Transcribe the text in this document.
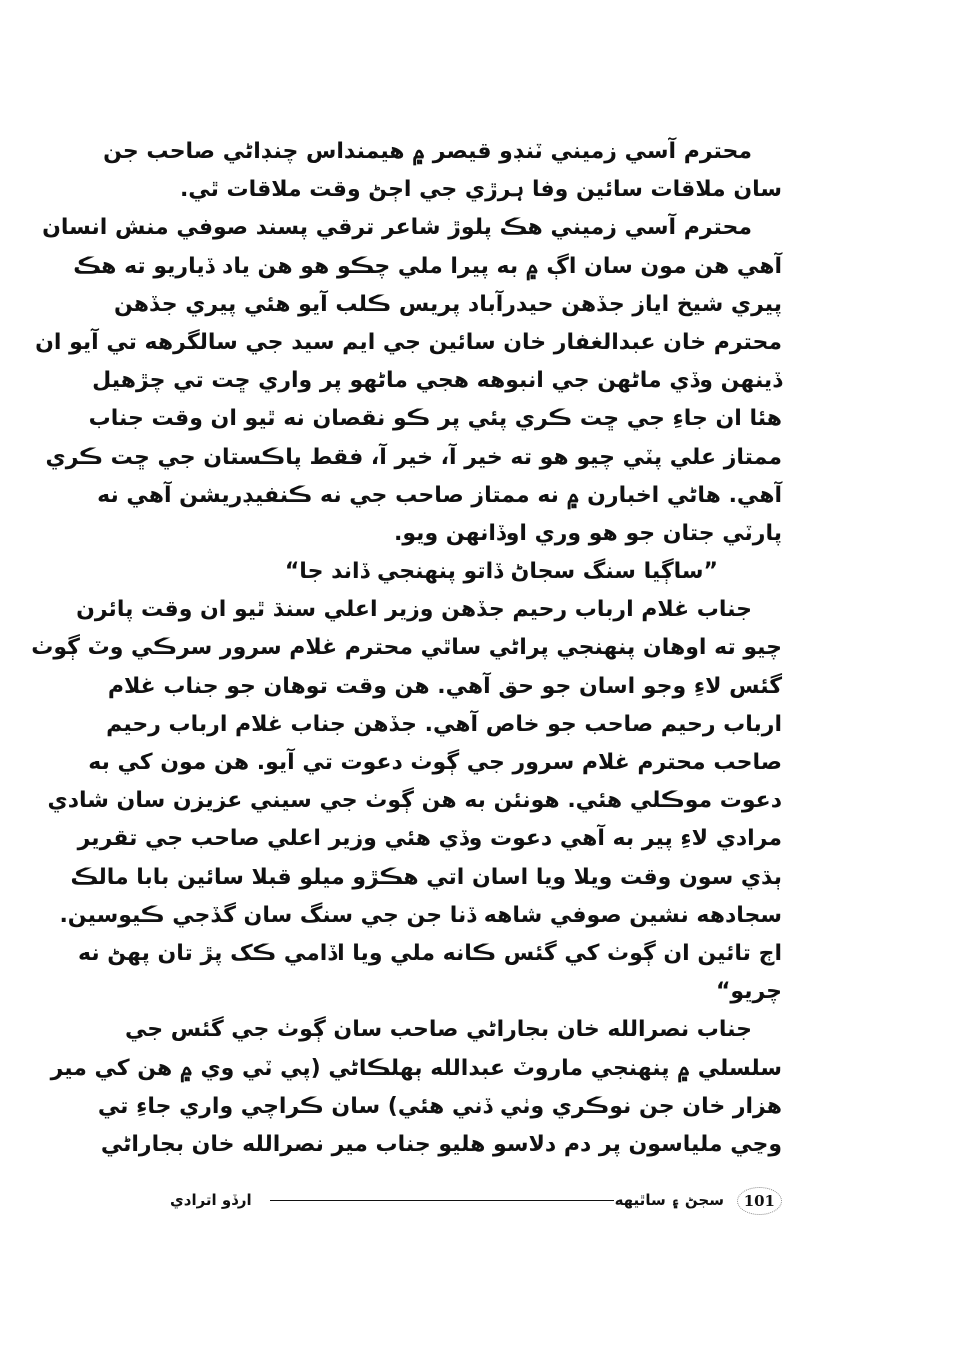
محترم آسي زميني ٽنڊو قيصر ۾ هيمنداس چنڊاڻي صاحب جن
سان ملاقات سائين وفا ہرڙي جي اڄڻ وقت ملاقات ٿي.
محترم آسي زميني هڪ پلوڙ شاعر ترقي پسند صوفي منش انسان
آهي هن مون سان اڳ ۾ به پيرا ملي چڪو هو هن ياد ڏياريو ته هڪ
پيري شيخ اياز جڏهن حيدرآباد پريس ڪلب آيو هئي پيري جڏهن
محترم خان عبدالغفار خان سائين جي ايم سيد جي سالگرهه تي آيو ان
ڏينهن وڏي ماڻهن جي انبوهه هجي ماڻهو پر واري ڇت تي چڙهيل
هئا ان جاءِ جي ڇت ڪري پئي پر ڪو نقصان نه ٿيو ان وقت جناب
ممتاز علي پٽي چيو هو ته خير آ، خير آ، فقط پاڪستان جي ڇت ڪري
آهي. هاڻي اخبارن ۾ نه ممتاز صاحب جي نه ڪنفيڊريشن آهي نه
پارٽي جتان جو هو وري اوڏانهن ويو.
”ساڳيا سنگ سجاڻ ڏاتو پنهنجي ڏاند جا“
جناب غلام ارباب رحيم جڏهن وزير اعلي سنڌ ٿيو ان وقت پائرن
چيو ته اوهان پنهنجي پراڻي ساٿي محترم غلام سرور سرڪي وٽ ڳوٺ
گئس لاءِ وجو اسان جو حق آهي. هن وقت توهان جو جناب غلام
ارباب رحيم صاحب جو خاص آهي. جڏهن جناب غلام ارباب رحيم
صاحب محترم غلام سرور جي ڳوٺ دعوت تي آيو. هن مون کي به
دعوت موڪلي هئي. هونئن به هن ڳوٺ جي سيني عزيزن سان شادي
مرادي لاءِ پير به آهي دعوت وڏي هئي وزير اعلي صاحب جي تقرير
ٻڌي سون وقت ويلا ويا اسان اتي هڪڙو ميلو قبلا سائين بابا مالڪ
سجادهه نشين صوفي شاهه ڏنا جن جي سنگ سان گڏجي ڪيوسين.
اڄ تائين ان ڳوٺ کي گئس ڪانه ملي ويا اڏامي ڪک پڙ تان پهڻ نه
چريو“
جناب نصرالله خان بجاراڻي صاحب سان ڳوٺ جي گئس جي
سلسلي ۾ پنهنجي ماروٽ عبدالله ٻهلڪاڻي (پي ٽي وي ۾ هن کي مير
هزار خان جن نوڪري وٺي ڏني هئي) سان ڪراچي واري جاءِ تي
وڃي ملياسون پر دم دلاسو هليو جناب مير نصرالله خان بجاراڻي
101
سجڻ ۽ ساٿيهه
ارڏو اترادي
